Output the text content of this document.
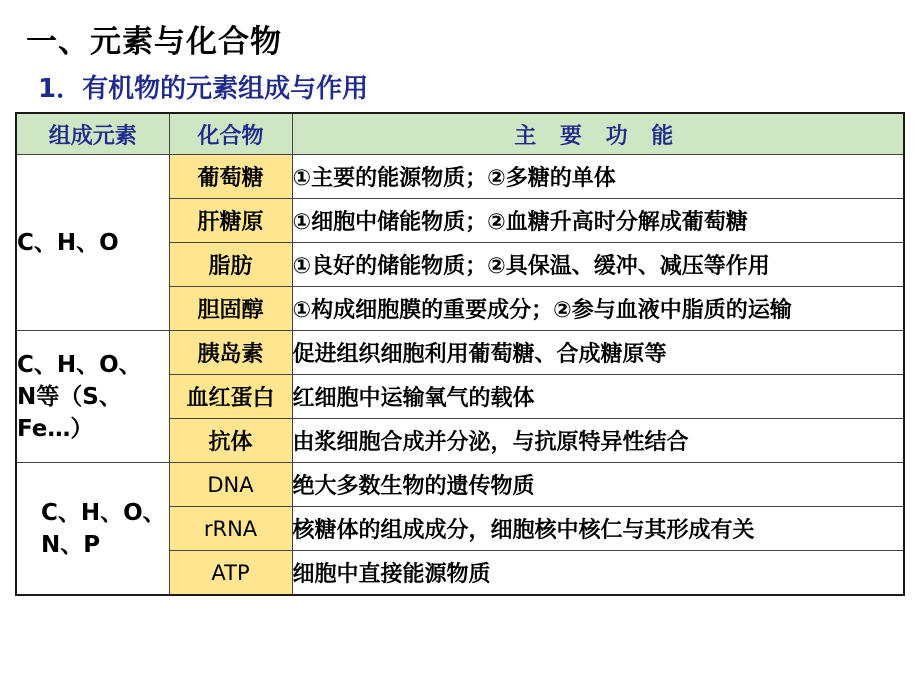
一、元素与化合物
1．有机物的元素组成与作用
组成元素	化合物	主 要 功 能
C、H、O	葡萄糖	①主要的能源物质；②多糖的单体
	肝糖原	①细胞中储能物质；②血糖升高时分解成葡萄糖
	脂肪	①良好的储能物质；②具保温、缓冲、减压等作用
	胆固醇	①构成细胞膜的重要成分；②参与血液中脂质的运输

C、H、O、
N等（S、
Fe…）	胰岛素	促进组织细胞利用葡萄糖、合成糖原等
	血红蛋白	红细胞中运输氧气的载体
	抗体	由浆细胞合成并分泌，与抗原特异性结合

C、H、O、
N、P	DNA	绝大多数生物的遗传物质
	rRNA	核糖体的组成成分，细胞核中核仁与其形成有关
	ATP	细胞中直接能源物质
